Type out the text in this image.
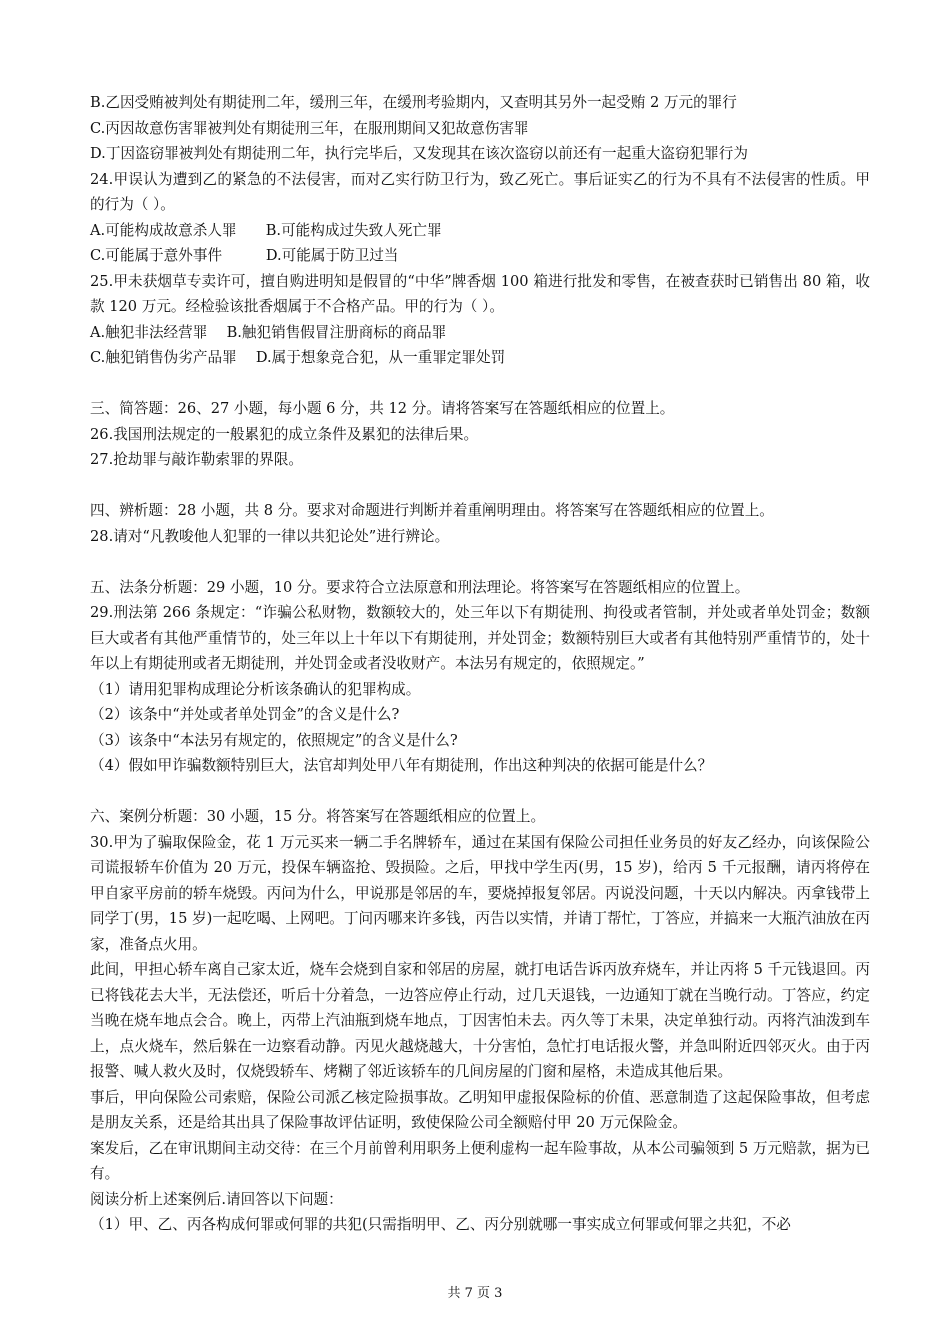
B.乙因受贿被判处有期徒刑二年，缓刑三年，在缓刑考验期内，又查明其另外一起受贿 2 万元的罪行
C.丙因故意伤害罪被判处有期徒刑三年，在服刑期间又犯故意伤害罪
D.丁因盗窃罪被判处有期徒刑二年，执行完毕后，又发现其在该次盗窃以前还有一起重大盗窃犯罪行为
24.甲误认为遭到乙的紧急的不法侵害，而对乙实行防卫行为，致乙死亡。事后证实乙的行为不具有不法侵害的性质。甲的行为（ ）。
A.可能构成故意杀人罪　　B.可能构成过失致人死亡罪
C.可能属于意外事件　　　D.可能属于防卫过当
25.甲未获烟草专卖许可，擅自购进明知是假冒的“中华”牌香烟 100 箱进行批发和零售，在被查获时已销售出 80 箱，收款 120 万元。经检验该批香烟属于不合格产品。甲的行为（ ）。
A.触犯非法经营罪　 B.触犯销售假冒注册商标的商品罪
C.触犯销售伪劣产品罪　 D.属于想象竞合犯，从一重罪定罪处罚
三、简答题：26、27 小题，每小题 6 分，共 12 分。请将答案写在答题纸相应的位置上。
26.我国刑法规定的一般累犯的成立条件及累犯的法律后果。
27.抢劫罪与敲诈勒索罪的界限。
四、辨析题：28 小题，共 8 分。要求对命题进行判断并着重阐明理由。将答案写在答题纸相应的位置上。
28.请对“凡教唆他人犯罪的一律以共犯论处”进行辨论。
五、法条分析题：29 小题，10 分。要求符合立法原意和刑法理论。将答案写在答题纸相应的位置上。
29.刑法第 266 条规定：“诈骗公私财物，数额较大的，处三年以下有期徒刑、拘役或者管制，并处或者单处罚金；数额巨大或者有其他严重情节的，处三年以上十年以下有期徒刑，并处罚金；数额特别巨大或者有其他特别严重情节的，处十年以上有期徒刑或者无期徒刑，并处罚金或者没收财产。本法另有规定的，依照规定。”
（1）请用犯罪构成理论分析该条确认的犯罪构成。
（2）该条中“并处或者单处罚金”的含义是什么?
（3）该条中“本法另有规定的，依照规定”的含义是什么?
（4）假如甲诈骗数额特别巨大，法官却判处甲八年有期徒刑，作出这种判决的依据可能是什么？
六、案例分析题：30 小题，15 分。将答案写在答题纸相应的位置上。
30.甲为了骗取保险金，花 1 万元买来一辆二手名牌轿车，通过在某国有保险公司担任业务员的好友乙经办，向该保险公司谎报轿车价值为 20 万元，投保车辆盗抢、毁损险。之后，甲找中学生丙(男，15 岁)，给丙 5 千元报酬，请丙将停在甲自家平房前的轿车烧毁。丙问为什么，甲说那是邻居的车，要烧掉报复邻居。丙说没问题，十天以内解决。丙拿钱带上同学丁(男，15 岁)一起吃喝、上网吧。丁问丙哪来许多钱，丙告以实情，并请丁帮忙，丁答应，并搞来一大瓶汽油放在丙家，准备点火用。
此间，甲担心轿车离自己家太近，烧车会烧到自家和邻居的房屋，就打电话告诉丙放弃烧车，并让丙将 5 千元钱退回。丙已将钱花去大半，无法偿还，听后十分着急，一边答应停止行动，过几天退钱，一边通知丁就在当晚行动。丁答应，约定当晚在烧车地点会合。晚上，丙带上汽油瓶到烧车地点，丁因害怕未去。丙久等丁未果，决定单独行动。丙将汽油泼到车上，点火烧车，然后躲在一边察看动静。丙见火越烧越大，十分害怕，急忙打电话报火警，并急叫附近四邻灭火。由于丙报警、喊人救火及时，仅烧毁轿车、烤糊了邻近该轿车的几间房屋的门窗和屋格，未造成其他后果。
事后，甲向保险公司索赔，保险公司派乙核定险损事故。乙明知甲虚报保险标的价值、恶意制造了这起保险事故，但考虑是朋友关系，还是给其出具了保险事故评估证明，致使保险公司全额赔付甲 20 万元保险金。
案发后，乙在审讯期间主动交待：在三个月前曾利用职务上便利虚构一起车险事故，从本公司骗领到 5 万元赔款，据为已有。
阅读分析上述案例后.请回答以下问题：
（1）甲、乙、丙各构成何罪或何罪的共犯(只需指明甲、乙、丙分别就哪一事实成立何罪或何罪之共犯，不必
共 7 页 3
